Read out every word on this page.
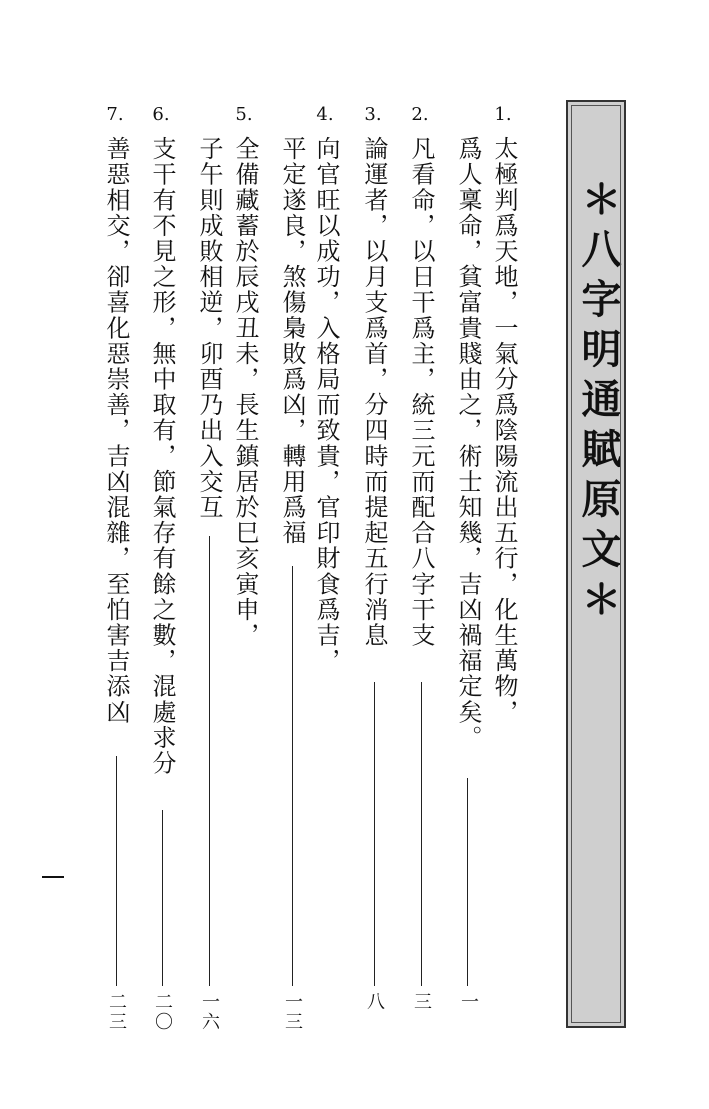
＊八字明通賦原文＊
1.
太極判爲天地，一氣分爲陰陽流出五行，化生萬物，
爲人稟命，貧富貴賤由之，術士知幾，吉凶禍福定矣。
一
2.
凡看命，以日干爲主，統三元而配合八字干支
三
3.
論運者，以月支爲首，分四時而提起五行消息
八
4.
向官旺以成功，入格局而致貴，官印財食爲吉，
平定遂良，煞傷梟敗爲凶，轉用爲福
一三
5.
全備藏蓄於辰戌丑未，長生鎮居於巳亥寅申，
子午則成敗相逆，卯酉乃出入交互
一六
6.
支干有不見之形，無中取有，節氣存有餘之數，混處求分
二〇
7.
善惡相交，卻喜化惡崇善，吉凶混雜，至怕害吉添凶
二三
